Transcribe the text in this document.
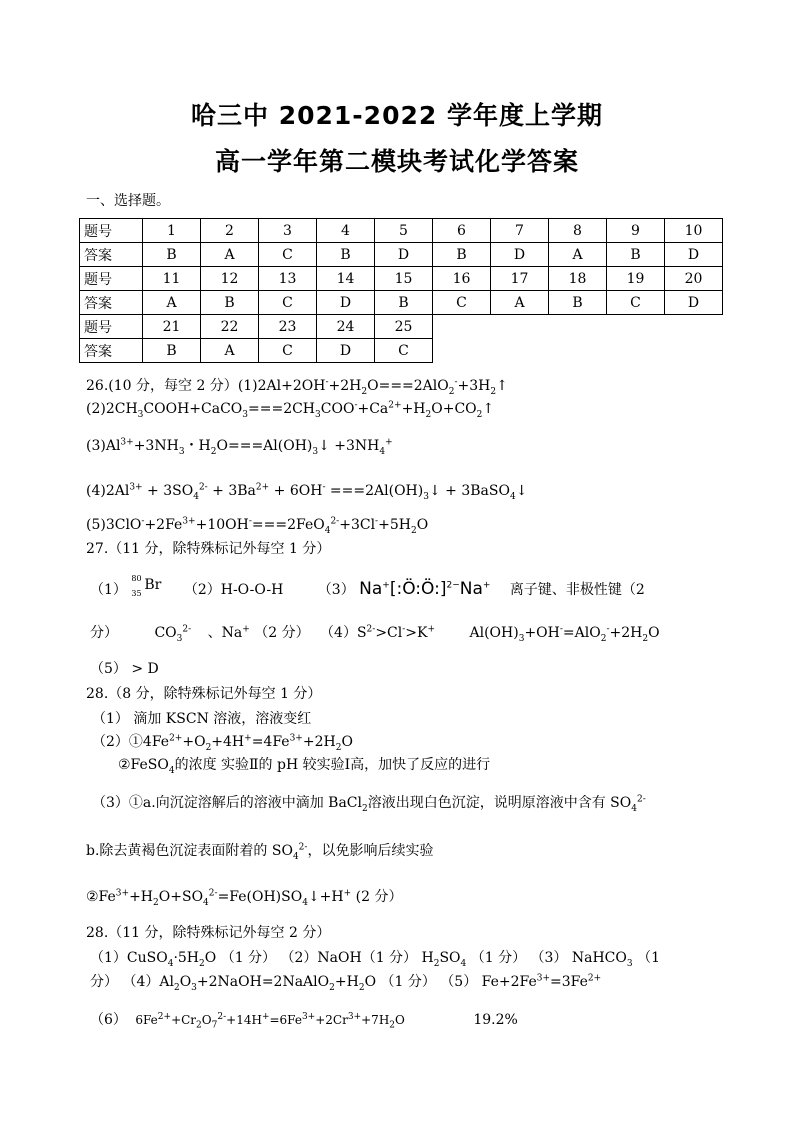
哈三中 2021-2022 学年度上学期
高一学年第二模块考试化学答案
一、选择题。
题号	1	2	3	4	5	6	7	8	9	10
答案	B	A	C	B	D	B	D	A	B	D
题号	11	12	13	14	15	16	17	18	19	20
答案	A	B	C	D	B	C	A	B	C	D
题号	21	22	23	24	25					
答案	B	A	C	D	C					
26.(10 分，每空 2 分）$(1)2Al+2OH^-+2H_2O===2AlO_2^-+3H_2↑$
$(2)2CH_3COOH+CaCO_3===2CH_3COO^-+Ca^{2+}+H_2O+CO_2↑$
$(3)Al^{3+}+3NH_3$・$H_2O===Al(OH)_3↓ +3NH_4^+$
$(4)2Al^{3+} + 3SO_4^{2-} + 3Ba^{2+} + 6OH^-$ $===2Al(OH)_3↓$ + 3BaSO$_4$↓
$(5)3ClO^-+2Fe^{3+}+10OH^-===2FeO_4^{2-}+3Cl^-+5H_2O$
27.（11 分，除特殊标记外每空 1 分）
（1）
80
35
Br （2）H-O-O-H （3） Na+[:Ö:Ö:]$^{2-}$Na+ 离子键、非极性键（2
分）	$CO_3^{2-}$ 、Na+ （2 分） $(4)S^{2-}>Cl^->K^+$ $Al(OH)_3+OH^-=AlO_2^-+2H_2O$
（5） > D
28.（8 分，除特殊标记外每空 1 分）
（1） 滴加 KSCN 溶液，溶液变红
$(2)①4Fe^{2+}+O_2+4H^+=4Fe^{3+}+2H_2O$
②FeSO$_4$的浓度 实验Ⅱ的 pH 较实验Ⅰ高，加快了反应的进行
（3）①a.向沉淀溶解后的溶液中滴加 BaCl$_2$溶液出现白色沉淀，说明原溶液中含有 $SO_4^{2-}$
b.除去黄褐色沉淀表面附着的 $SO_4^{2-}$，以免影响后续实验
$②Fe^{3+}+H_2O+SO_4^{2-}=Fe(OH)SO_4↓+H^+$ (2 分）
28.（11 分，除特殊标记外每空 2 分）
$(1)CuSO_4\cdot 5H_2O$ （1 分） （2）NaOH（1 分） $H_2SO_4$ （1 分） （3） NaHCO$_3$ （1
分） $(4)Al_2O_3+2NaOH=2NaAlO_2+H_2O$ （1 分） （5） $Fe+2Fe^{3+}=3Fe^{2+}$
（6） $6Fe^{2+}+Cr_2O_7^{2-}+14H^+=6Fe^{3+}+2Cr^{3+}+7H_2O$	19.2%
